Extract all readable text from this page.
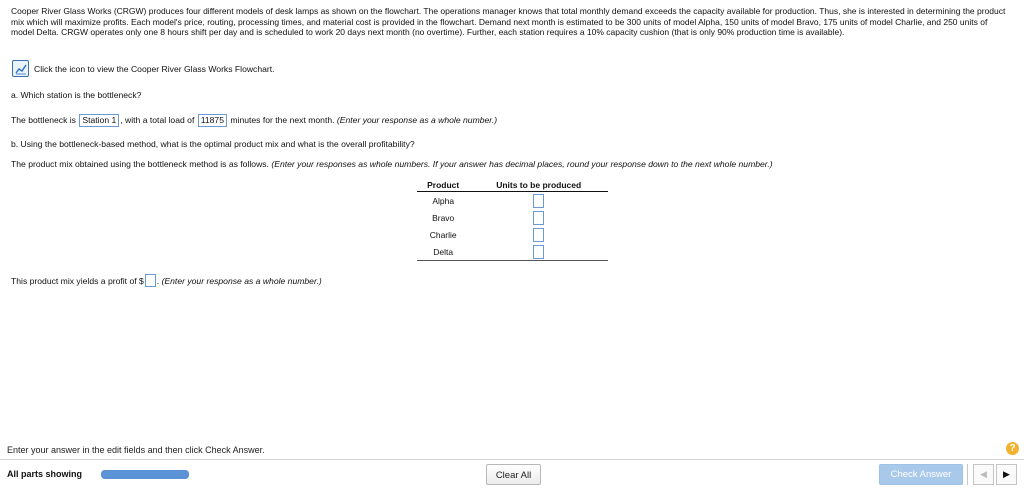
Cooper River Glass Works (CRGW) produces four different models of desk lamps as shown on the flowchart. The operations manager knows that total monthly demand exceeds the capacity available for production. Thus, she is interested in determining the product mix which will maximize profits. Each model's price, routing, processing times, and material cost is provided in the flowchart. Demand next month is estimated to be 300 units of model Alpha, 150 units of model Bravo, 175 units of model Charlie, and 250 units of model Delta. CRGW operates only one 8 hours shift per day and is scheduled to work 20 days next month (no overtime). Further, each station requires a 10% capacity cushion (that is only 90% production time is available).
Click the icon to view the Cooper River Glass Works Flowchart.
a. Which station is the bottleneck?
The bottleneck is Station 1 , with a total load of 11875 minutes for the next month. (Enter your response as a whole number.)
b. Using the bottleneck-based method, what is the optimal product mix and what is the overall profitability?
The product mix obtained using the bottleneck method is as follows. (Enter your responses as whole numbers. If your answer has decimal places, round your response down to the next whole number.)
Product	Units to be produced
Alpha	
Bravo	
Charlie	
Delta	
This product mix yields a profit of $ . (Enter your response as a whole number.)
Enter your answer in the edit fields and then click Check Answer.	?
All parts showing	Clear All	Check Answer	◀	▶
